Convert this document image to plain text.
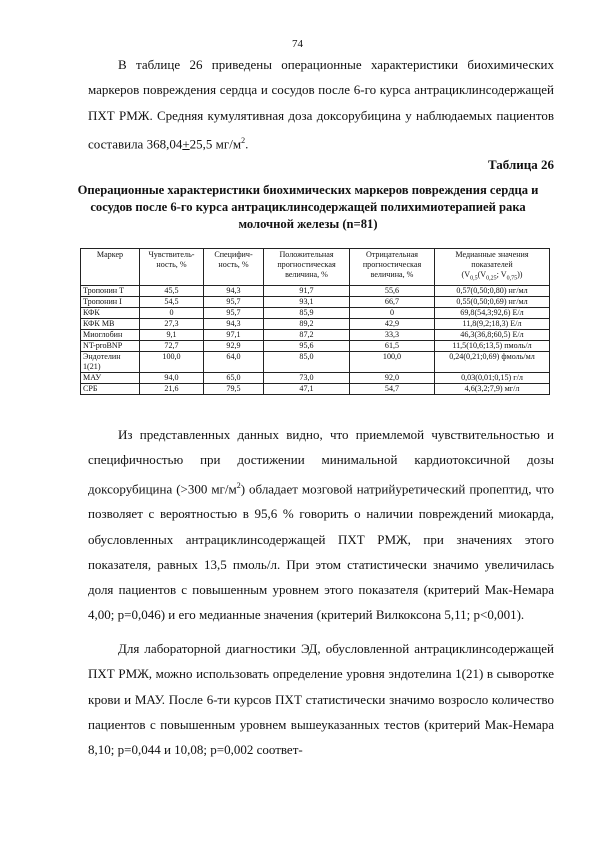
74

В таблице 26 приведены операционные характеристики биохимических маркеров повреждения сердца и сосудов после 6-го курса антрациклинсодержащей ПХТ РМЖ. Средняя кумулятивная доза доксорубицина у наблюдаемых пациентов составила 368,04+25,5 $мг/м^2$.

Таблица 26
Операционные характеристики биохимических маркеров повреждения сердца и сосудов после 6-го курса антрациклинсодержащей полихимиотерапией рака молочной железы (n=81)
Маркер	Чувствитель-ность, %	Специфич-ность, %	Положительная прогностическая величина, %	Отрицательная прогностическая величина, %	Медианные значения показателей
($V_{0,5}(V_{0,25}$; $V_{0,75}$))
Тропонин Т	45,5	94,3	91,7	55,6	0,57(0,50;0,80) нг/мл
Тропонин I	54,5	95,7	93,1	66,7	0,55(0,50;0,69) нг/мл
КФК	0	95,7	85,9	0	69,8(54,3;92,6) Е/л
КФК МВ	27,3	94,3	89,2	42,9	11,8(9,2;18,3) Е/л
Миоглобин	9,1	97,1	87,2	33,3	46,3(36,8;60,5) Е/л
NT-proBNP	72,7	92,9	95,6	61,5	11,5(10,6;13,5) пмоль/л
Эндотелин 1(21)	100,0	64,0	85,0	100,0	0,24(0,21;0,69) фмоль/мл
МАУ	94,0	65,0	73,0	92,0	0,03(0,01;0,15) г/л
СРБ	21,6	79,5	47,1	54,7	4,6(3,2;7,9) мг/л

Из представленных данных видно, что приемлемой чувствительностью и специфичностью при достижении минимальной кардиотоксичной дозы доксорубицина (>300 $мг/м^2$) обладает мозговой натрийуретический пропептид, что позволяет с вероятностью в 95,6 % говорить о наличии повреждений миокарда, обусловленных антрациклинсодержащей ПХТ РМЖ, при значениях этого показателя, равных 13,5 пмоль/л. При этом статистически значимо увеличилась доля пациентов с повышенным уровнем этого показателя (критерий Мак-Немара 4,00; p=0,046) и его медианные значения (критерий Вилкоксона 5,11; p<0,001).

Для лабораторной диагностики ЭД, обусловленной антрациклинсодержащей ПХТ РМЖ, можно использовать определение уровня эндотелина 1(21) в сыворотке крови и МАУ. После 6-ти курсов ПХТ статистически значимо возросло количество пациентов с повышенным уровнем вышеуказанных тестов (критерий Мак-Немара 8,10; p=0,044 и 10,08; p=0,002 соответ-
